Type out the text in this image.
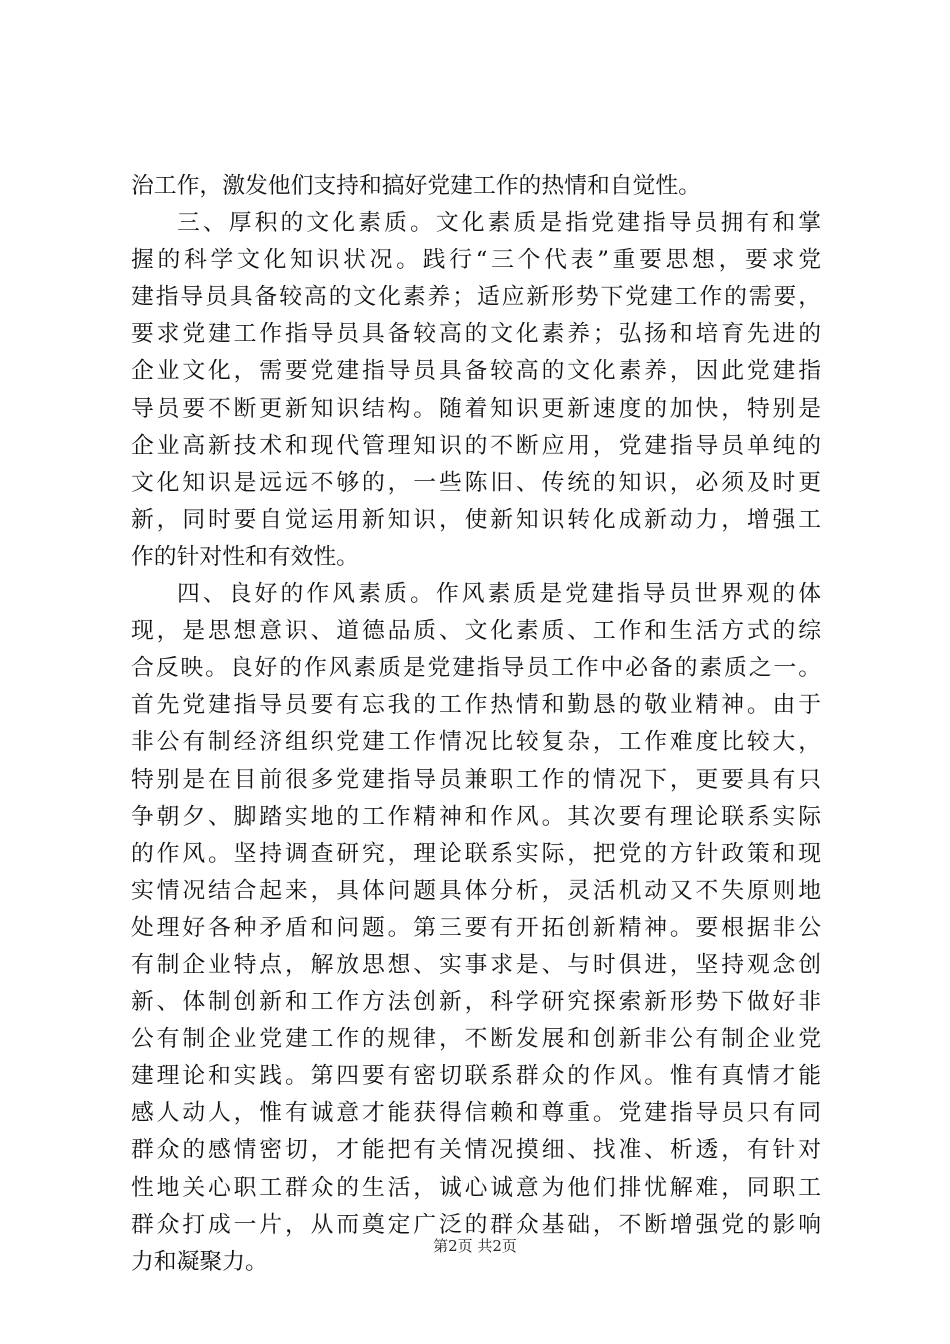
治工作，激发他们支持和搞好党建工作的热情和自觉性。
三、厚积的文化素质。文化素质是指党建指导员拥有和掌
握的科学文化知识状况。践行“三个代表”重要思想，要求党
建指导员具备较高的文化素养；适应新形势下党建工作的需要，
要求党建工作指导员具备较高的文化素养；弘扬和培育先进的
企业文化，需要党建指导员具备较高的文化素养，因此党建指
导员要不断更新知识结构。随着知识更新速度的加快，特别是
企业高新技术和现代管理知识的不断应用，党建指导员单纯的
文化知识是远远不够的，一些陈旧、传统的知识，必须及时更
新，同时要自觉运用新知识，使新知识转化成新动力，增强工
作的针对性和有效性。
四、良好的作风素质。作风素质是党建指导员世界观的体
现，是思想意识、道德品质、文化素质、工作和生活方式的综
合反映。良好的作风素质是党建指导员工作中必备的素质之一。
首先党建指导员要有忘我的工作热情和勤恳的敬业精神。由于
非公有制经济组织党建工作情况比较复杂，工作难度比较大，
特别是在目前很多党建指导员兼职工作的情况下，更要具有只
争朝夕、脚踏实地的工作精神和作风。其次要有理论联系实际
的作风。坚持调查研究，理论联系实际，把党的方针政策和现
实情况结合起来，具体问题具体分析，灵活机动又不失原则地
处理好各种矛盾和问题。第三要有开拓创新精神。要根据非公
有制企业特点，解放思想、实事求是、与时俱进，坚持观念创
新、体制创新和工作方法创新，科学研究探索新形势下做好非
公有制企业党建工作的规律，不断发展和创新非公有制企业党
建理论和实践。第四要有密切联系群众的作风。惟有真情才能
感人动人，惟有诚意才能获得信赖和尊重。党建指导员只有同
群众的感情密切，才能把有关情况摸细、找准、析透，有针对
性地关心职工群众的生活，诚心诚意为他们排忧解难，同职工
群众打成一片，从而奠定广泛的群众基础，不断增强党的影响
力和凝聚力。
第2页 共2页
